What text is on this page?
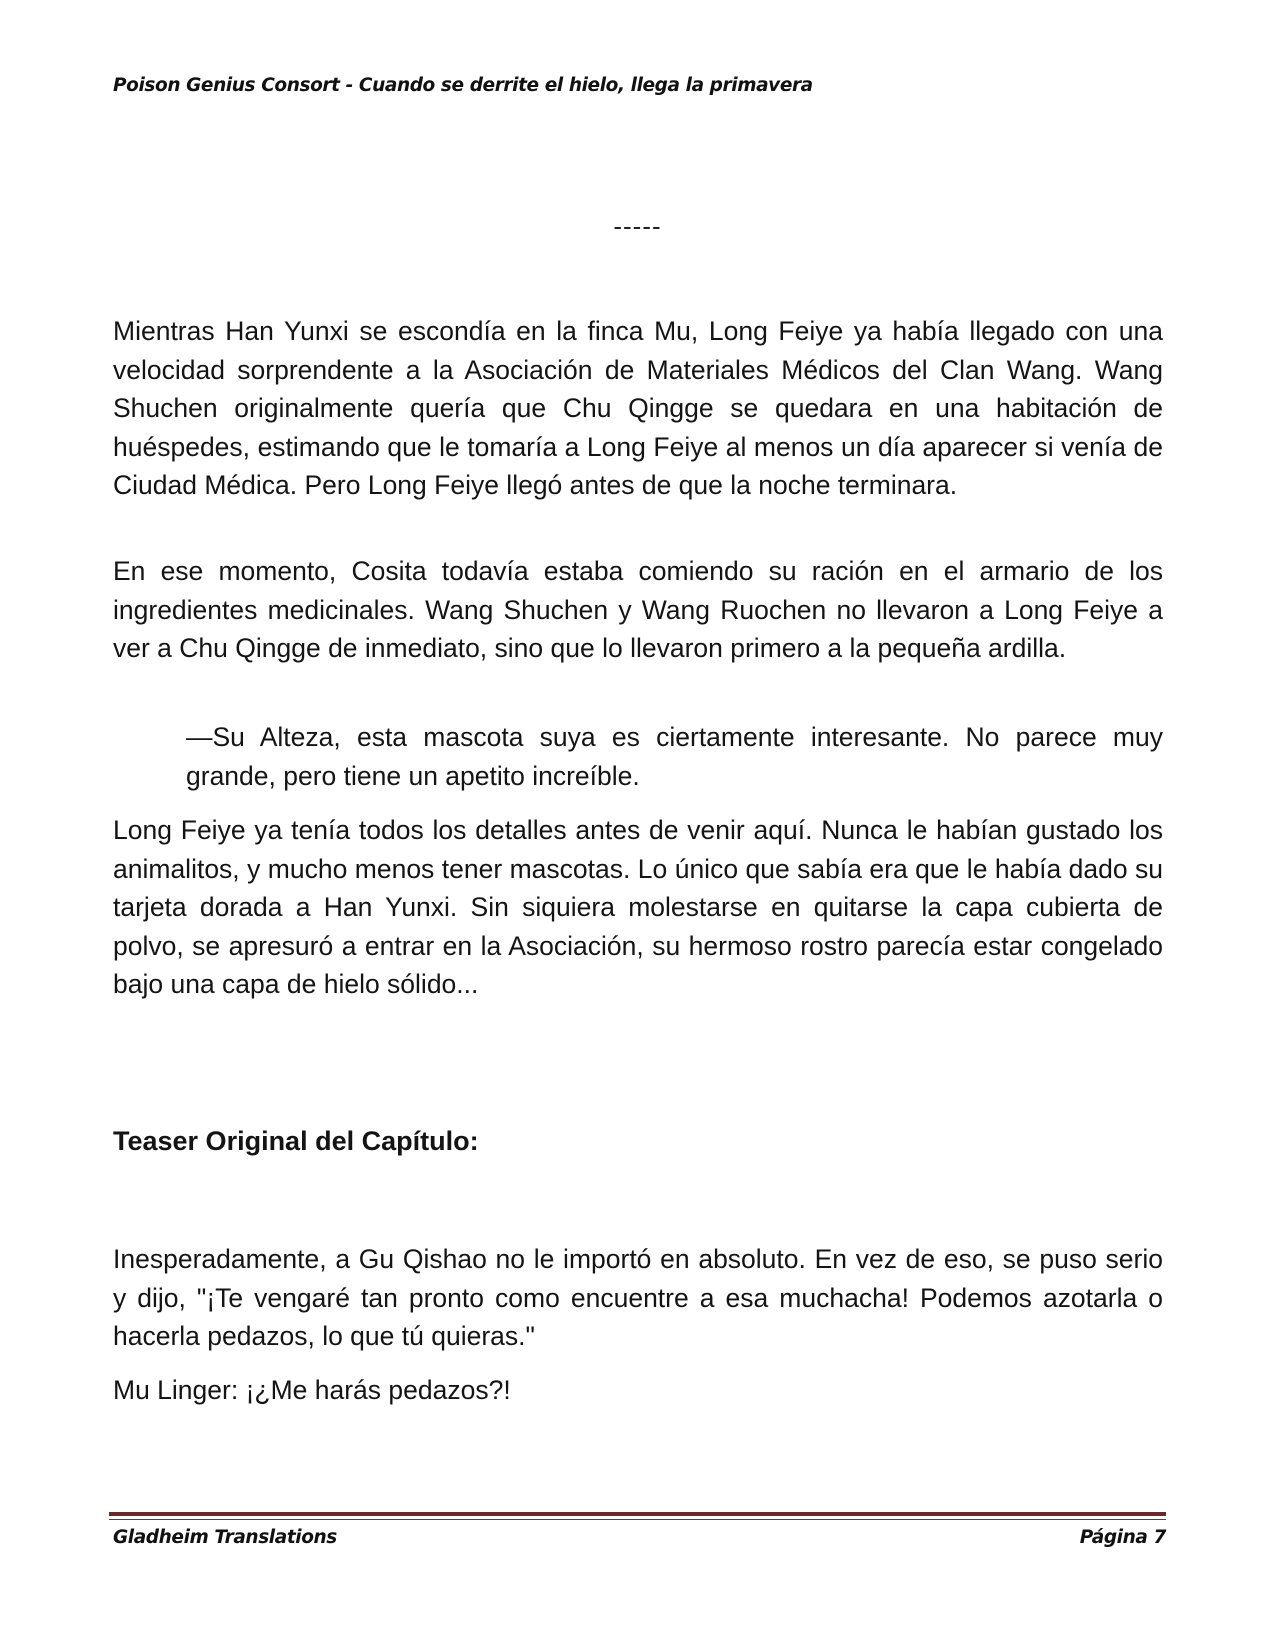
Poison Genius Consort - Cuando se derrite el hielo, llega la primavera
-----

Mientras Han Yunxi se escondía en la finca Mu, Long Feiye ya había llegado con una velocidad sorprendente a la Asociación de Materiales Médicos del Clan Wang. Wang Shuchen originalmente quería que Chu Qingge se quedara en una habitación de huéspedes, estimando que le tomaría a Long Feiye al menos un día aparecer si venía de Ciudad Médica. Pero Long Feiye llegó antes de que la noche terminara.

En ese momento, Cosita todavía estaba comiendo su ración en el armario de los ingredientes medicinales. Wang Shuchen y Wang Ruochen no llevaron a Long Feiye a ver a Chu Qingge de inmediato, sino que lo llevaron primero a la pequeña ardilla.

—Su Alteza, esta mascota suya es ciertamente interesante. No parece muy grande, pero tiene un apetito increíble.

Long Feiye ya tenía todos los detalles antes de venir aquí. Nunca le habían gustado los animalitos, y mucho menos tener mascotas. Lo único que sabía era que le había dado su tarjeta dorada a Han Yunxi. Sin siquiera molestarse en quitarse la capa cubierta de polvo, se apresuró a entrar en la Asociación, su hermoso rostro parecía estar congelado bajo una capa de hielo sólido...

Teaser Original del Capítulo:

Inesperadamente, a Gu Qishao no le importó en absoluto. En vez de eso, se puso serio y dijo, "¡Te vengaré tan pronto como encuentre a esa muchacha! Podemos azotarla o hacerla pedazos, lo que tú quieras."

Mu Linger: ¡¿Me harás pedazos?!

Gladheim Translations	Página 7
